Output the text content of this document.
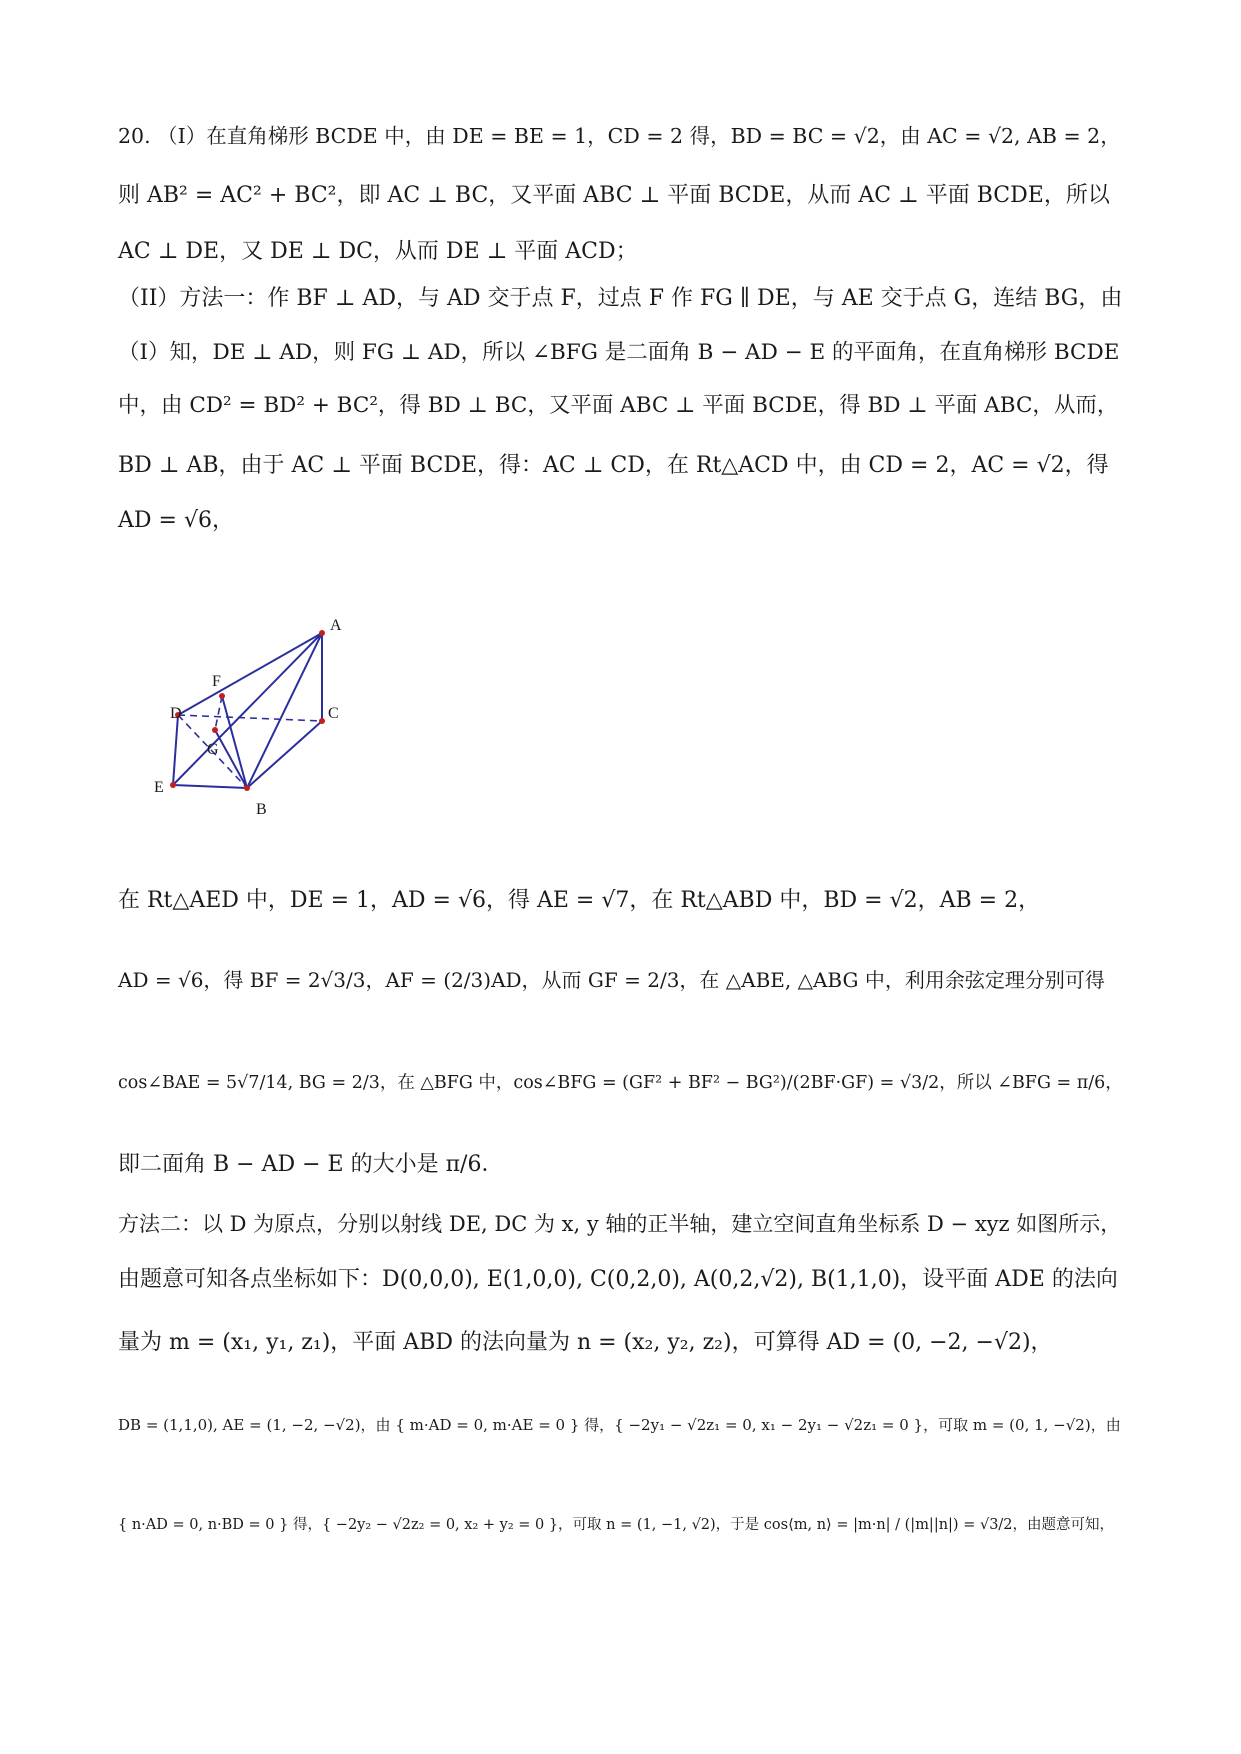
20. （I）在直角梯形 BCDE 中，由 DE = BE = 1，CD = 2 得，BD = BC = √2，由 AC = √2, AB = 2，
则 AB² = AC² + BC²，即 AC ⊥ BC，又平面 ABC ⊥ 平面 BCDE，从而 AC ⊥ 平面 BCDE，所以
AC ⊥ DE，又 DE ⊥ DC，从而 DE ⊥ 平面 ACD；
（II）方法一：作 BF ⊥ AD，与 AD 交于点 F，过点 F 作 FG ∥ DE，与 AE 交于点 G，连结 BG，由
（I）知，DE ⊥ AD，则 FG ⊥ AD，所以 ∠BFG 是二面角 B − AD − E 的平面角，在直角梯形 BCDE
中，由 CD² = BD² + BC²，得 BD ⊥ BC，又平面 ABC ⊥ 平面 BCDE，得 BD ⊥ 平面 ABC，从而，
BD ⊥ AB，由于 AC ⊥ 平面 BCDE，得：AC ⊥ CD，在 Rt△ACD 中，由 CD = 2，AC = √2，得
AD = √6，
A
F
C
D
G
E
B
在 Rt△AED 中，DE = 1，AD = √6，得 AE = √7，在 Rt△ABD 中，BD = √2，AB = 2，
AD = √6，得 BF = 2√3/3，AF = (2/3)AD，从而 GF = 2/3，在 △ABE, △ABG 中，利用余弦定理分别可得
cos∠BAE = 5√7/14, BG = 2/3，在 △BFG 中，cos∠BFG = (GF² + BF² − BG²)/(2BF·GF) = √3/2，所以 ∠BFG = π/6，
即二面角 B − AD − E 的大小是 π/6．
方法二：以 D 为原点，分别以射线 DE, DC 为 x, y 轴的正半轴，建立空间直角坐标系 D − xyz 如图所示，
由题意可知各点坐标如下：D(0,0,0), E(1,0,0), C(0,2,0), A(0,2,√2), B(1,1,0)，设平面 ADE 的法向
量为 m = (x₁, y₁, z₁)，平面 ABD 的法向量为 n = (x₂, y₂, z₂)，可算得 AD = (0, −2, −√2)，
DB = (1,1,0), AE = (1, −2, −√2)，由 { m·AD = 0, m·AE = 0 } 得，{ −2y₁ − √2z₁ = 0, x₁ − 2y₁ − √2z₁ = 0 }，可取 m = (0, 1, −√2)，由
{ n·AD = 0, n·BD = 0 } 得，{ −2y₂ − √2z₂ = 0, x₂ + y₂ = 0 }，可取 n = (1, −1, √2)，于是 cos⟨m, n⟩ = |m·n| / (|m||n|) = √3/2，由题意可知，
